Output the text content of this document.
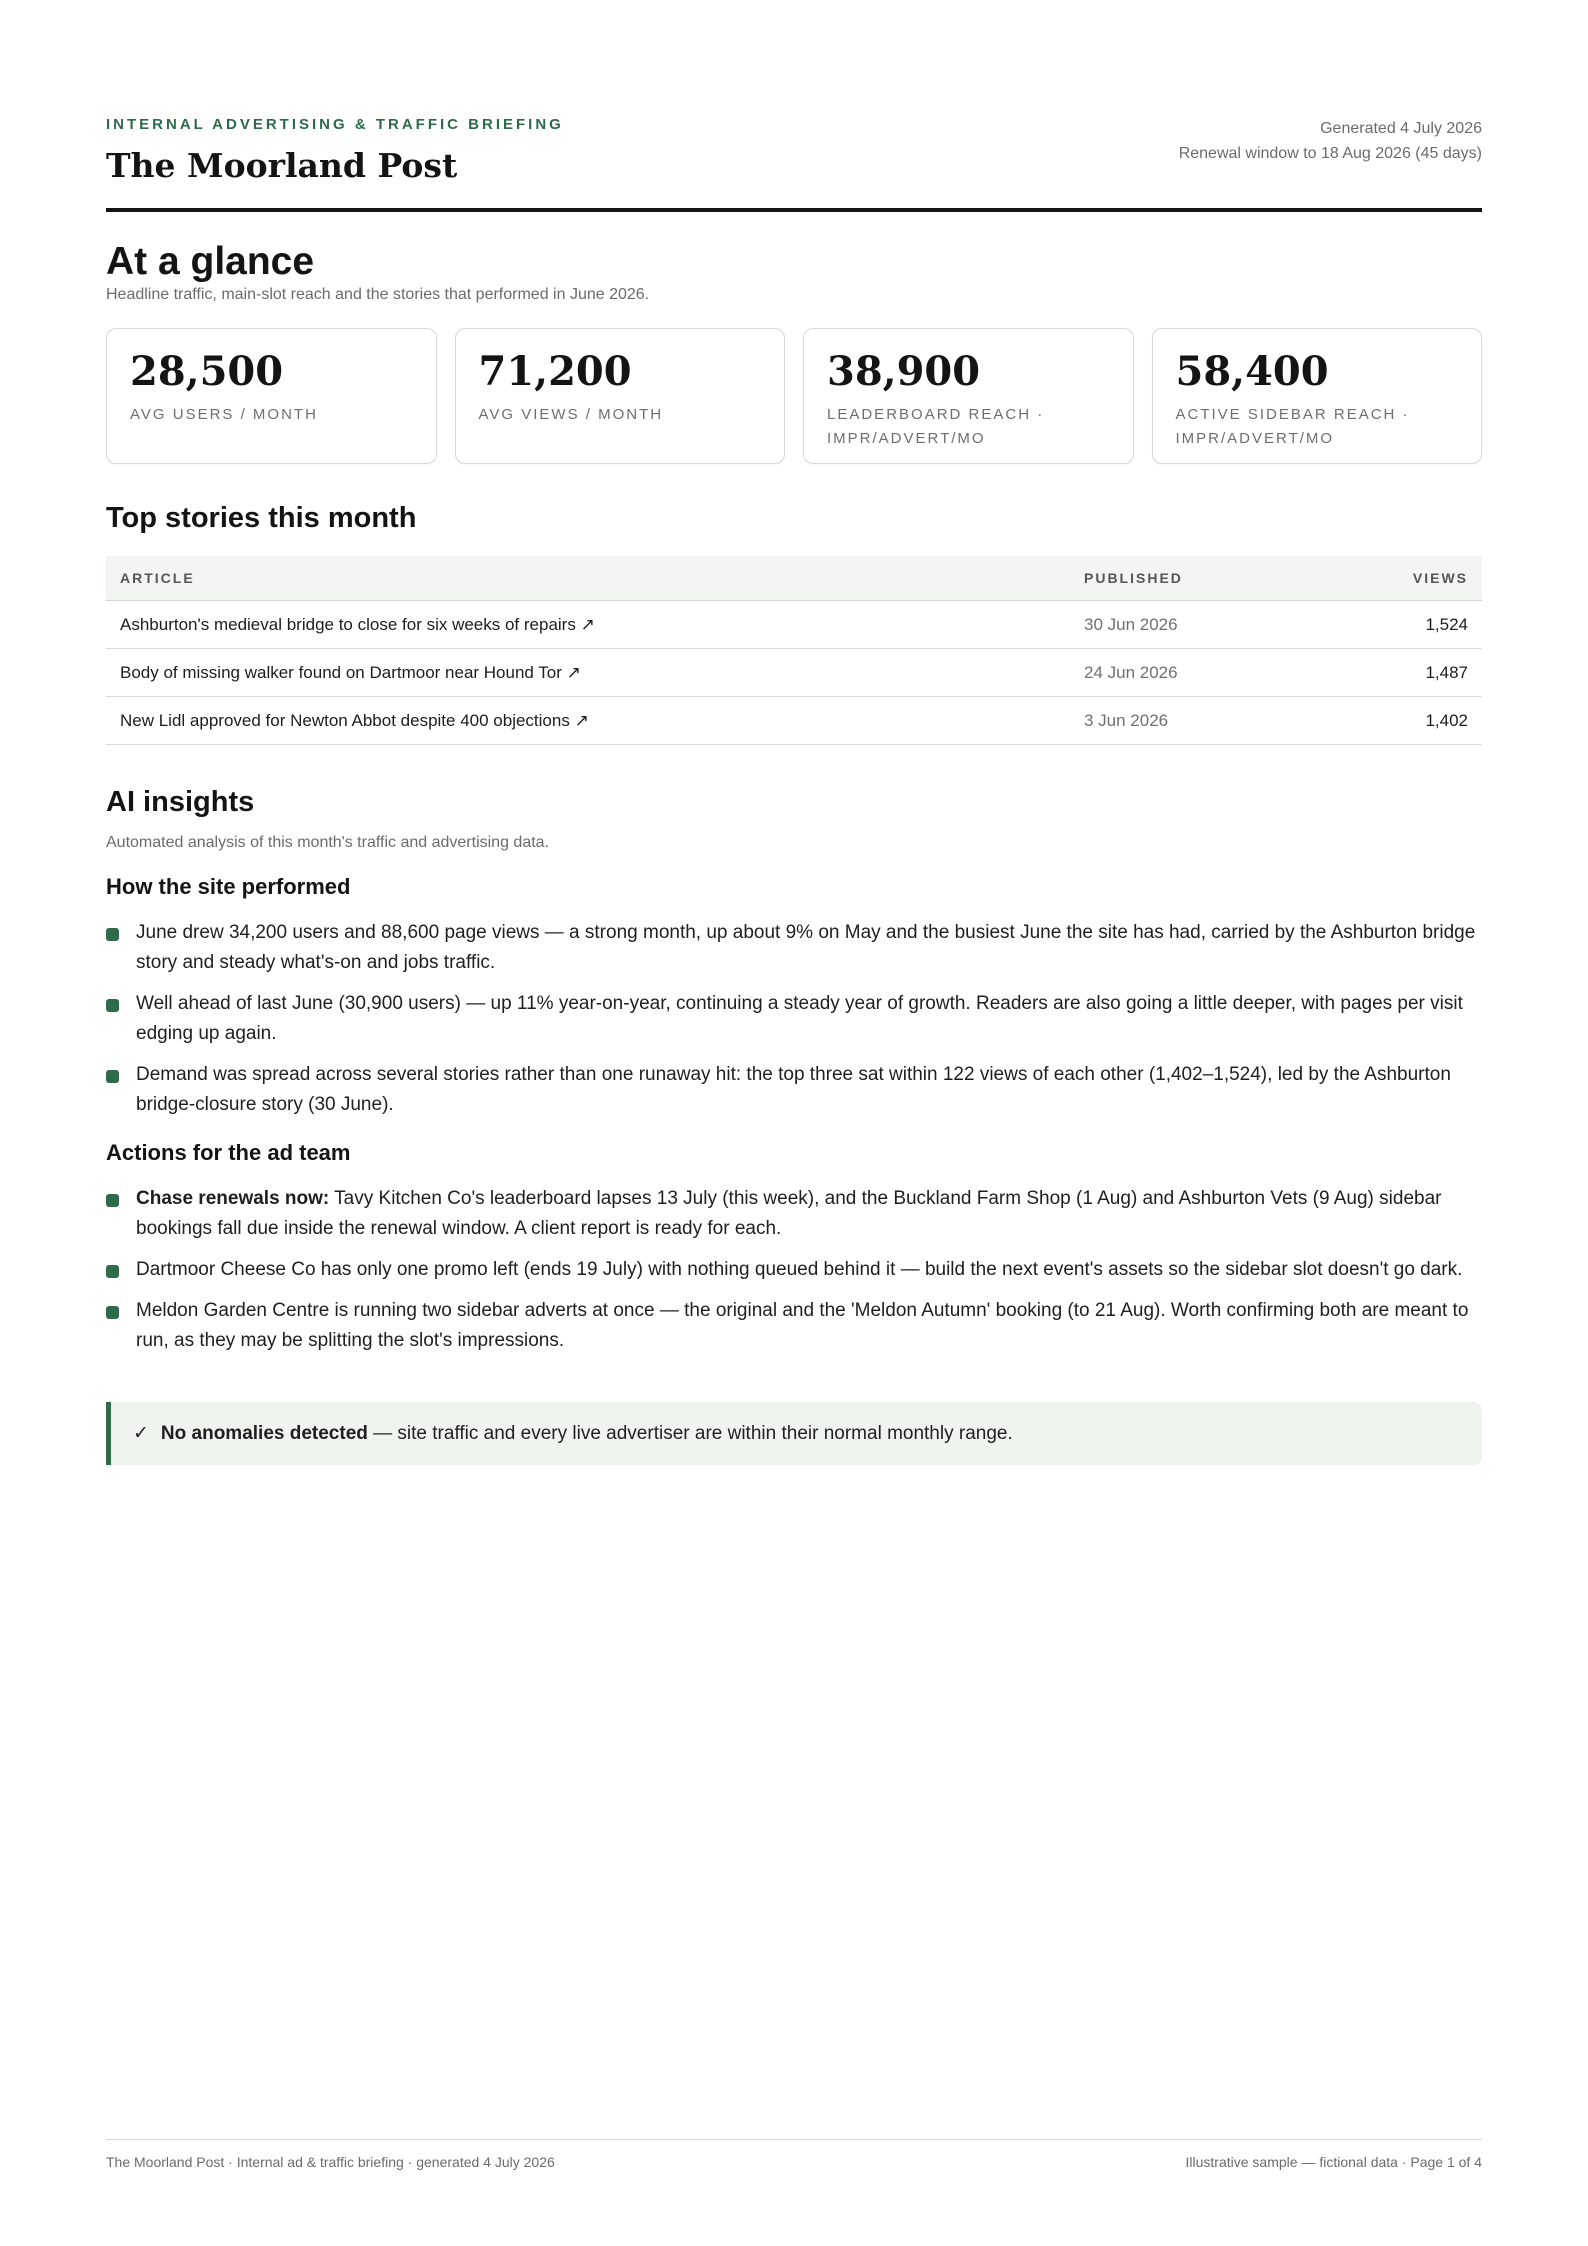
INTERNAL ADVERTISING & TRAFFIC BRIEFING
The Moorland Post
Generated 4 July 2026
Renewal window to 18 Aug 2026 (45 days)
At a glance
Headline traffic, main-slot reach and the stories that performed in June 2026.
28,500
AVG USERS / MONTH
71,200
AVG VIEWS / MONTH
38,900
LEADERBOARD REACH · IMPR/ADVERT/MO
58,400
ACTIVE SIDEBAR REACH · IMPR/ADVERT/MO
Top stories this month
ARTICLE	PUBLISHED	VIEWS
Ashburton's medieval bridge to close for six weeks of repairs ↗	30 Jun 2026	1,524
Body of missing walker found on Dartmoor near Hound Tor ↗	24 Jun 2026	1,487
New Lidl approved for Newton Abbot despite 400 objections ↗	3 Jun 2026	1,402
AI insights
Automated analysis of this month's traffic and advertising data.
How the site performed
June drew 34,200 users and 88,600 page views — a strong month, up about 9% on May and the busiest June the site has had, carried by the Ashburton bridge story and steady what's-on and jobs traffic.
Well ahead of last June (30,900 users) — up 11% year-on-year, continuing a steady year of growth. Readers are also going a little deeper, with pages per visit edging up again.
Demand was spread across several stories rather than one runaway hit: the top three sat within 122 views of each other (1,402–1,524), led by the Ashburton bridge-closure story (30 June).
Actions for the ad team
Chase renewals now: Tavy Kitchen Co's leaderboard lapses 13 July (this week), and the Buckland Farm Shop (1 Aug) and Ashburton Vets (9 Aug) sidebar bookings fall due inside the renewal window. A client report is ready for each.
Dartmoor Cheese Co has only one promo left (ends 19 July) with nothing queued behind it — build the next event's assets so the sidebar slot doesn't go dark.
Meldon Garden Centre is running two sidebar adverts at once — the original and the 'Meldon Autumn' booking (to 21 Aug). Worth confirming both are meant to run, as they may be splitting the slot's impressions.
✓ No anomalies detected — site traffic and every live advertiser are within their normal monthly range.
The Moorland Post · Internal ad & traffic briefing · generated 4 July 2026	Illustrative sample — fictional data · Page 1 of 4
